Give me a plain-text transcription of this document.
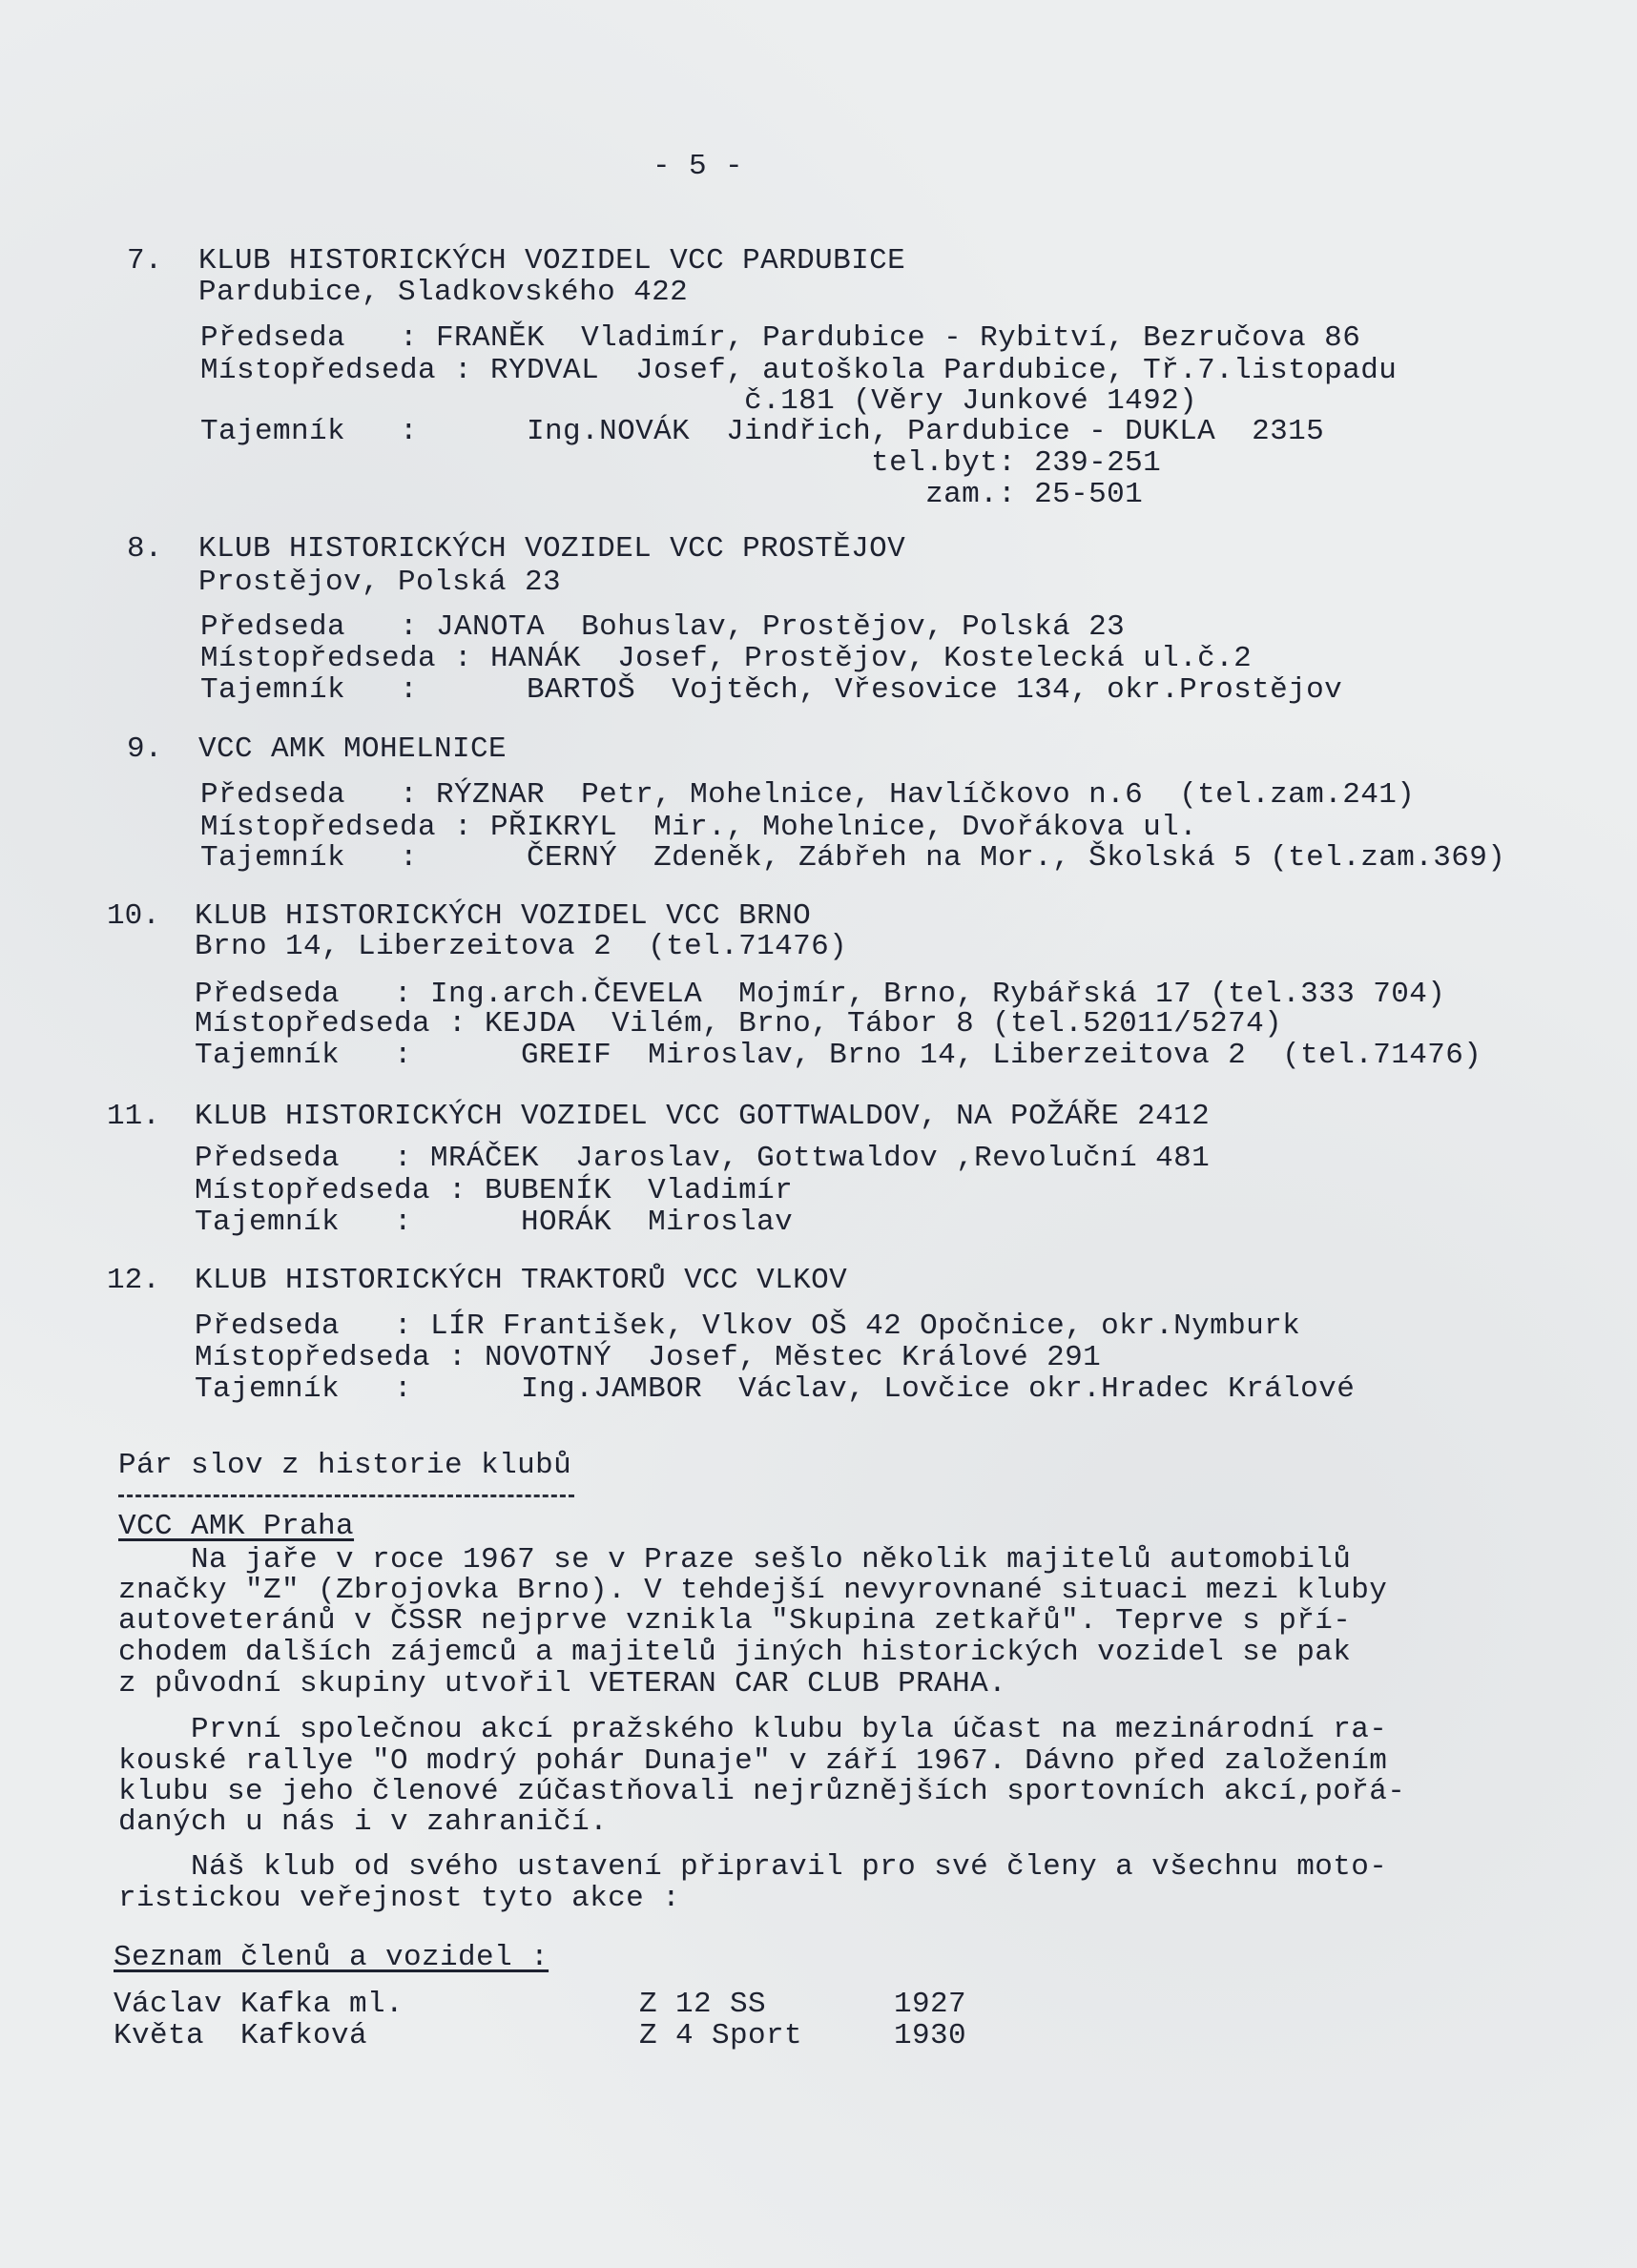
- 5 -
7. KLUB HISTORICKÝCH VOZIDEL VCC PARDUBICE
Pardubice, Sladkovského 422
Předseda   : FRANĚK  Vladimír, Pardubice - Rybitví, Bezručova 86
Místopředseda : RYDVAL  Josef, autoškola Pardubice, Tř.7.listopadu
č.181 (Věry Junkové 1492)
Tajemník   :      Ing.NOVÁK  Jindřich, Pardubice - DUKLA  2315
tel.byt: 239-251
zam.: 25-501
8. KLUB HISTORICKÝCH VOZIDEL VCC PROSTĚJOV
Prostějov, Polská 23
Předseda   : JANOTA  Bohuslav, Prostějov, Polská 23
Místopředseda : HANÁK  Josef, Prostějov, Kostelecká ul.č.2
Tajemník   :      BARTOŠ  Vojtěch, Vřesovice 134, okr.Prostějov
9. VCC AMK MOHELNICE
Předseda   : RÝZNAR  Petr, Mohelnice, Havlíčkovo n.6  (tel.zam.241)
Místopředseda : PŘIKRYL  Mir., Mohelnice, Dvořákova ul.
Tajemník   :      ČERNÝ  Zdeněk, Zábřeh na Mor., Školská 5 (tel.zam.369)
10. KLUB HISTORICKÝCH VOZIDEL VCC BRNO
Brno 14, Liberzeitova 2  (tel.71476)
Předseda   : Ing.arch.ČEVELA  Mojmír, Brno, Rybářská 17 (tel.333 704)
Místopředseda : KEJDA  Vilém, Brno, Tábor 8 (tel.52011/5274)
Tajemník   :      GREIF  Miroslav, Brno 14, Liberzeitova 2  (tel.71476)
11. KLUB HISTORICKÝCH VOZIDEL VCC GOTTWALDOV, NA POŽÁŘE 2412
Předseda   : MRÁČEK  Jaroslav, Gottwaldov ,Revoluční 481
Místopředseda : BUBENÍK  Vladimír
Tajemník   :      HORÁK  Miroslav
12. KLUB HISTORICKÝCH TRAKTORŮ VCC VLKOV
Předseda   : LÍR František, Vlkov OŠ 42 Opočnice, okr.Nymburk
Místopředseda : NOVOTNÝ  Josef, Městec Králové 291
Tajemník   :      Ing.JAMBOR  Václav, Lovčice okr.Hradec Králové
Pár slov z historie klubů
VCC AMK Praha
Na jaře v roce 1967 se v Praze sešlo několik majitelů automobilů
značky "Z" (Zbrojovka Brno). V tehdejší nevyrovnané situaci mezi kluby
autoveteránů v ČSSR nejprve vznikla "Skupina zetkařů". Teprve s pří-
chodem dalších zájemců a majitelů jiných historických vozidel se pak
z původní skupiny utvořil VETERAN CAR CLUB PRAHA.
První společnou akcí pražského klubu byla účast na mezinárodní ra-
kouské rallye "O modrý pohár Dunaje" v září 1967. Dávno před založením
klubu se jeho členové zúčastňovali nejrůznějších sportovních akcí,pořá-
daných u nás i v zahraničí.
Náš klub od svého ustavení připravil pro své členy a všechnu moto-
ristickou veřejnost tyto akce :
Seznam členů a vozidel :
Václav Kafka ml.	Z 12 SS	1927
Květa  Kafková	Z 4 Sport	1930
